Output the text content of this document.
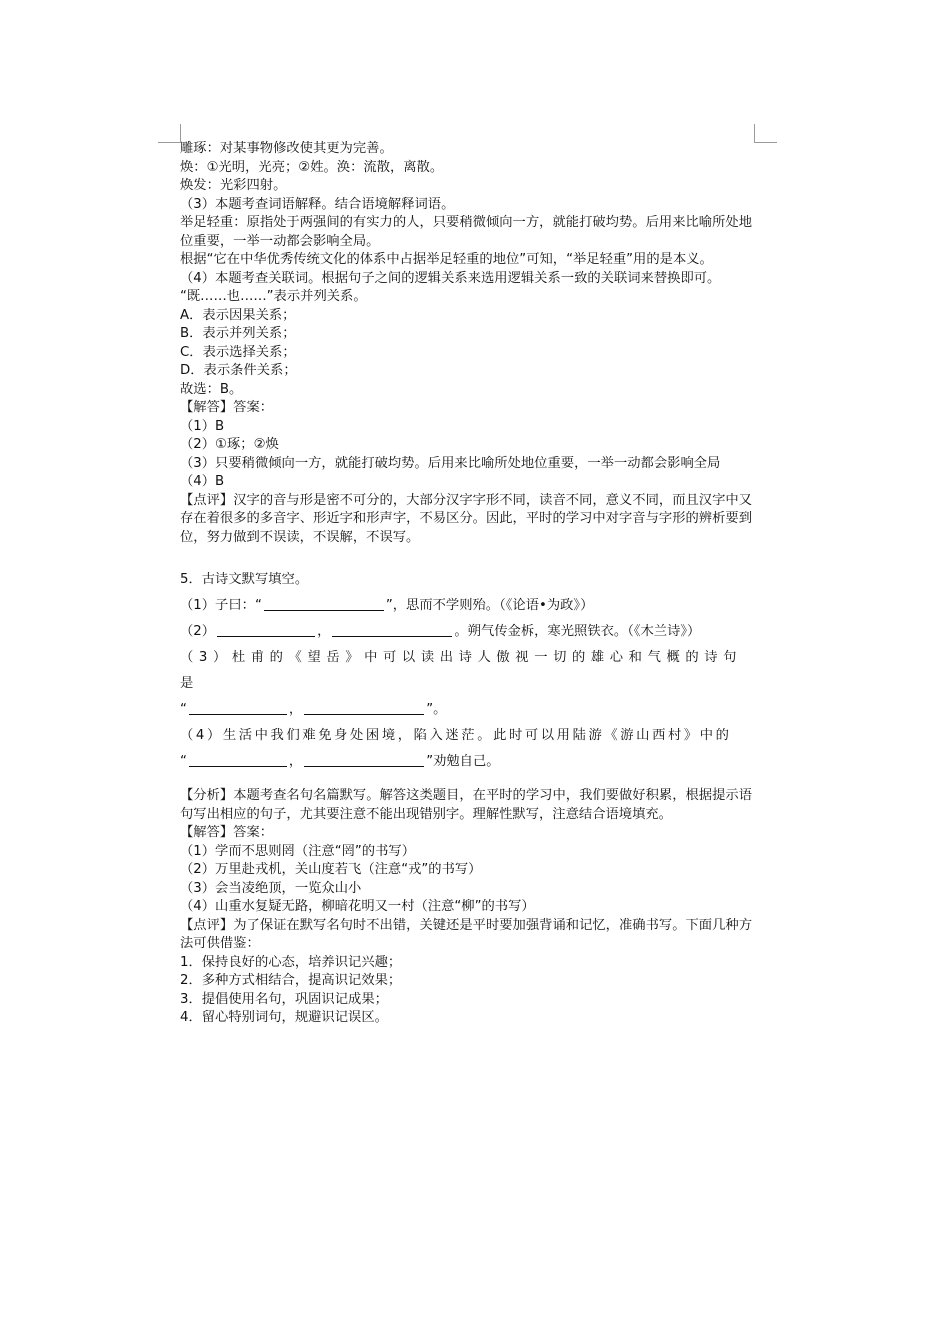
雕琢：对某事物修改使其更为完善。
焕：①光明，光亮；②姓。涣：流散，离散。
焕发：光彩四射。
（3）本题考查词语解释。结合语境解释词语。
举足轻重：原指处于两强间的有实力的人，只要稍微倾向一方，就能打破均势。后用来比喻所处地位重要，一举一动都会影响全局。
根据“它在中华优秀传统文化的体系中占据举足轻重的地位”可知，“举足轻重”用的是本义。
（4）本题考查关联词。根据句子之间的逻辑关系来选用逻辑关系一致的关联词来替换即可。
“既……也……”表示并列关系。
A．表示因果关系；
B．表示并列关系；
C．表示选择关系；
D．表示条件关系；
故选：B。
【解答】答案：
（1）B
（2）①琢；②焕
（3）只要稍微倾向一方，就能打破均势。后用来比喻所处地位重要，一举一动都会影响全局
（4）B
【点评】汉字的音与形是密不可分的，大部分汉字字形不同，读音不同，意义不同，而且汉字中又存在着很多的多音字、形近字和形声字，不易区分。因此，平时的学习中对字音与字形的辨析要到位，努力做到不误读，不误解，不误写。
5．古诗文默写填空。
（1）子曰：“	”，思而不学则殆。（《论语•为政》）
（2）	，	。朔气传金柝，寒光照铁衣。（《木兰诗》）
（3）杜甫的《望岳》中可以读出诗人傲视一切的雄心和气概的诗句是
“	，	”。
（4）生活中我们难免身处困境，陷入迷茫。此时可以用陆游《游山西村》中的
“	，	”劝勉自己。
【分析】本题考查名句名篇默写。解答这类题目，在平时的学习中，我们要做好积累，根据提示语句写出相应的句子，尤其要注意不能出现错别字。理解性默写，注意结合语境填充。
【解答】答案：
（1）学而不思则罔（注意“罔”的书写）
（2）万里赴戎机，关山度若飞（注意“戎”的书写）
（3）会当凌绝顶，一览众山小
（4）山重水复疑无路，柳暗花明又一村（注意“柳”的书写）
【点评】为了保证在默写名句时不出错，关键还是平时要加强背诵和记忆，准确书写。下面几种方法可供借鉴：
1．保持良好的心态，培养识记兴趣；
2．多种方式相结合，提高识记效果；
3．提倡使用名句，巩固识记成果；
4．留心特别词句，规避识记误区。
